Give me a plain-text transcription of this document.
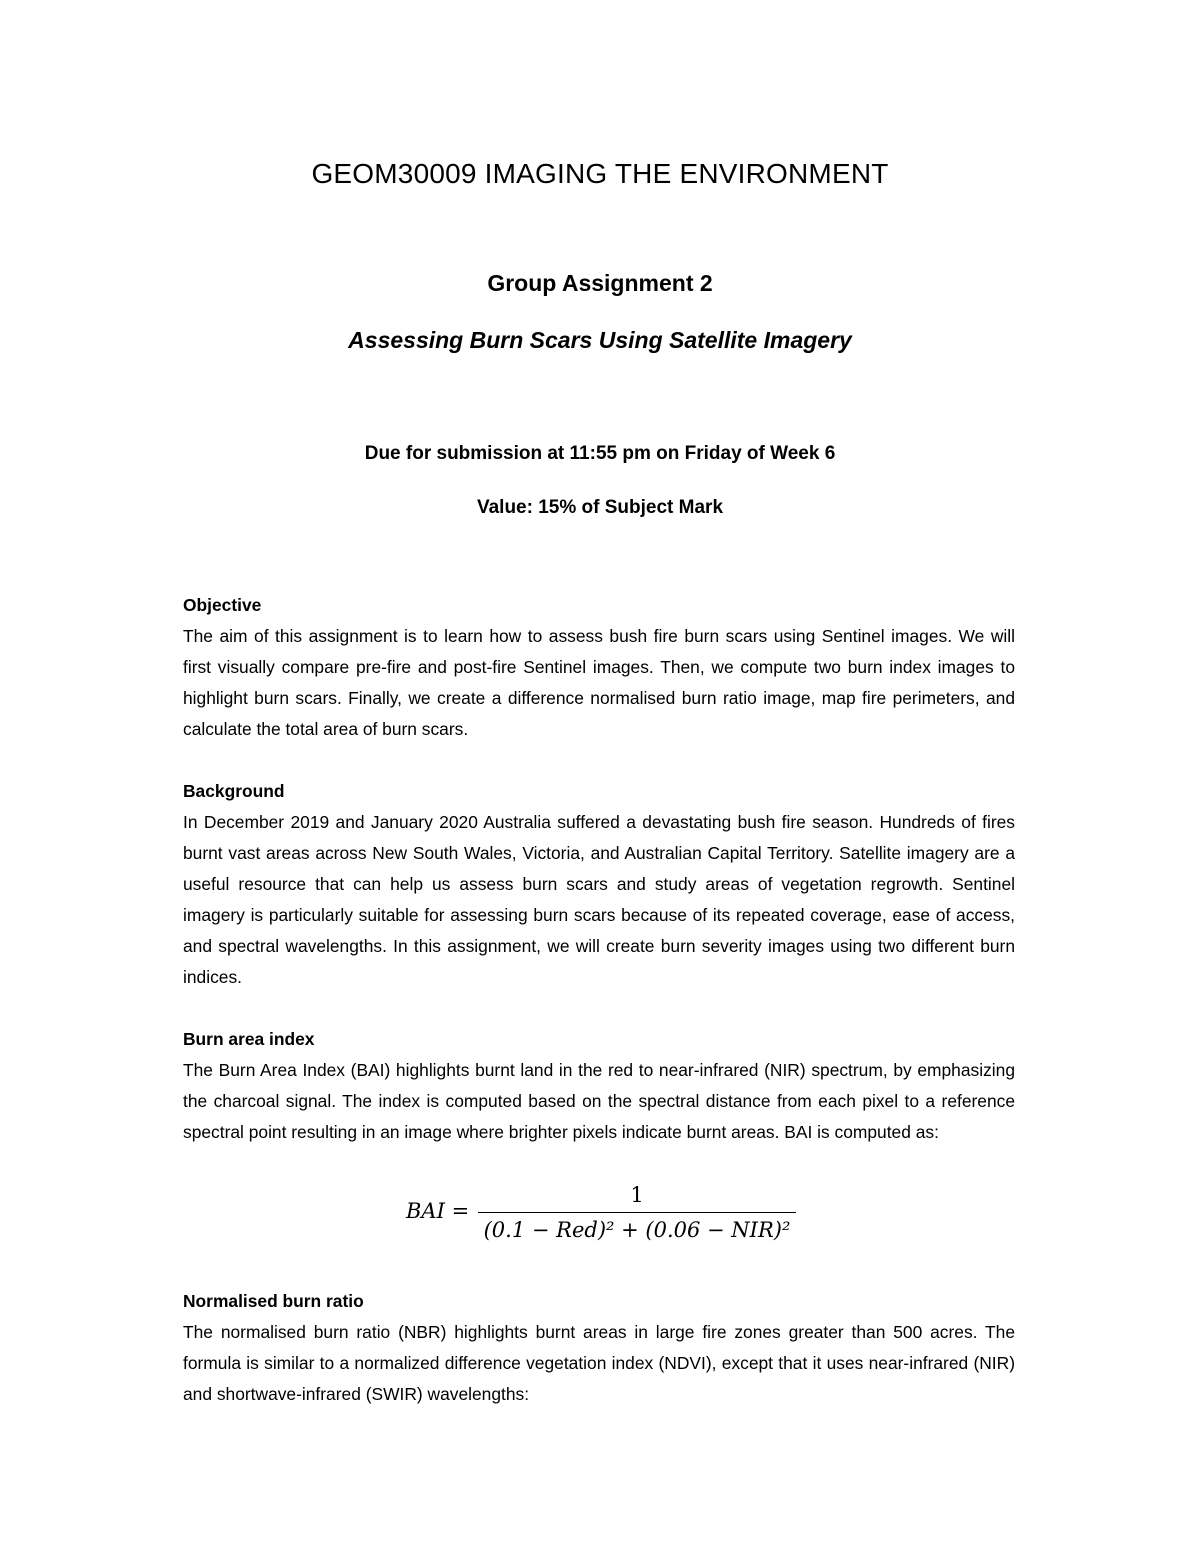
GEOM30009 IMAGING THE ENVIRONMENT
Group Assignment 2
Assessing Burn Scars Using Satellite Imagery
Due for submission at 11:55 pm on Friday of Week 6
Value: 15% of Subject Mark
Objective

The aim of this assignment is to learn how to assess bush fire burn scars using Sentinel images. We will first visually compare pre-fire and post-fire Sentinel images. Then, we compute two burn index images to highlight burn scars. Finally, we create a difference normalised burn ratio image, map fire perimeters, and calculate the total area of burn scars.

Background

In December 2019 and January 2020 Australia suffered a devastating bush fire season. Hundreds of fires burnt vast areas across New South Wales, Victoria, and Australian Capital Territory. Satellite imagery are a useful resource that can help us assess burn scars and study areas of vegetation regrowth. Sentinel imagery is particularly suitable for assessing burn scars because of its repeated coverage, ease of access, and spectral wavelengths. In this assignment, we will create burn severity images using two different burn indices.

Burn area index

The Burn Area Index (BAI) highlights burnt land in the red to near-infrared (NIR) spectrum, by emphasizing the charcoal signal. The index is computed based on the spectral distance from each pixel to a reference spectral point resulting in an image where brighter pixels indicate burnt areas. BAI is computed as:

BAI =
1
(0.1 − Red)² + (0.06 − NIR)²
Normalised burn ratio

The normalised burn ratio (NBR) highlights burnt areas in large fire zones greater than 500 acres. The formula is similar to a normalized difference vegetation index (NDVI), except that it uses near-infrared (NIR) and shortwave-infrared (SWIR) wavelengths:
